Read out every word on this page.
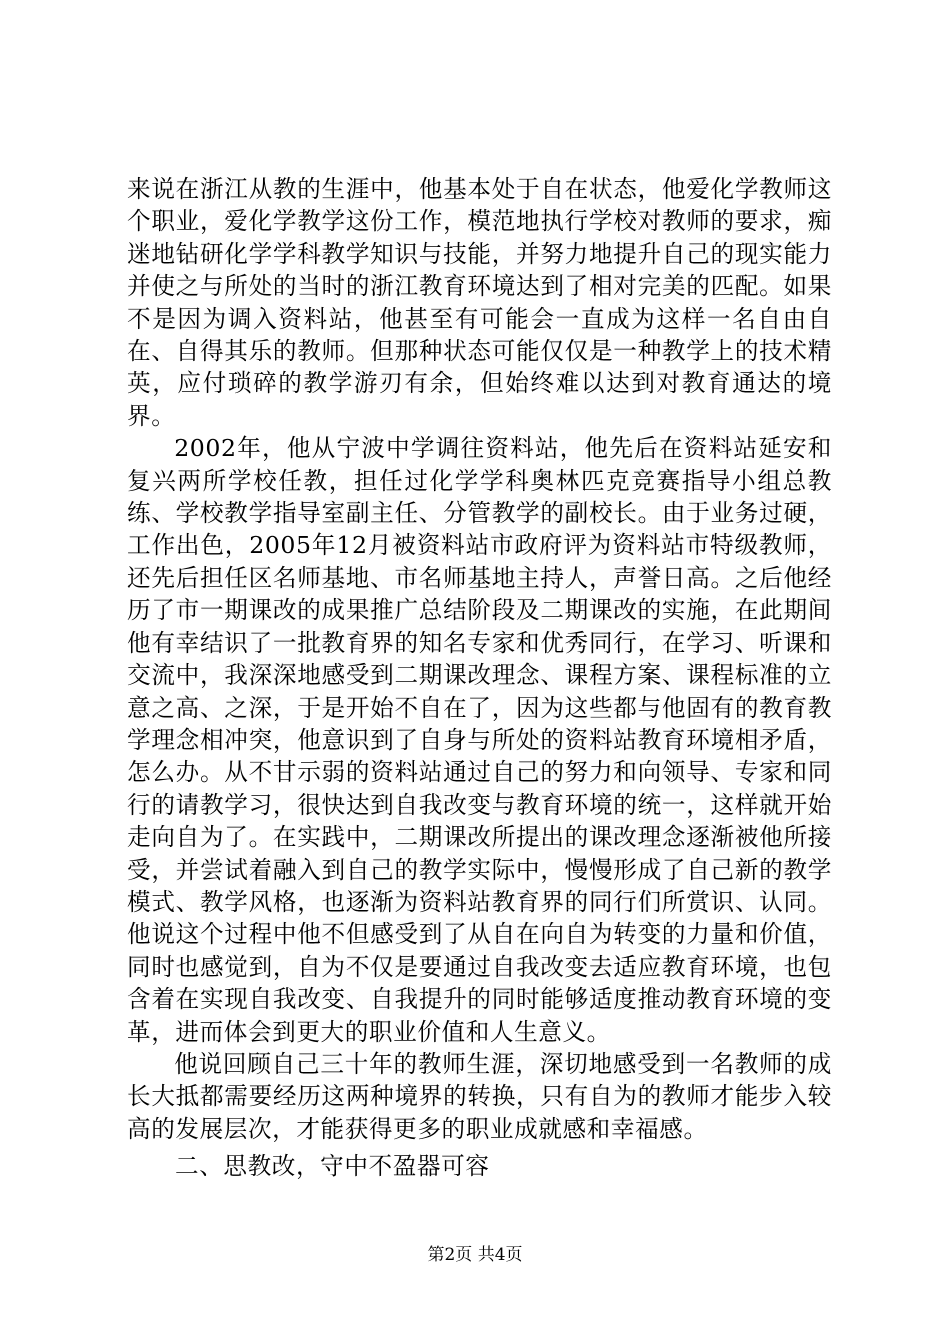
来说在浙江从教的生涯中，他基本处于自在状态，他爱化学教师这个职业，爱化学教学这份工作，模范地执行学校对教师的要求，痴迷地钻研化学学科教学知识与技能，并努力地提升自己的现实能力并使之与所处的当时的浙江教育环境达到了相对完美的匹配。如果不是因为调入资料站，他甚至有可能会一直成为这样一名自由自在、自得其乐的教师。但那种状态可能仅仅是一种教学上的技术精英，应付琐碎的教学游刃有余，但始终难以达到对教育通达的境界。

2002年，他从宁波中学调往资料站，他先后在资料站延安和复兴两所学校任教，担任过化学学科奥林匹克竞赛指导小组总教练、学校教学指导室副主任、分管教学的副校长。由于业务过硬，工作出色，2005年12月被资料站市政府评为资料站市特级教师，还先后担任区名师基地、市名师基地主持人，声誉日高。之后他经历了市一期课改的成果推广总结阶段及二期课改的实施，在此期间他有幸结识了一批教育界的知名专家和优秀同行，在学习、听课和交流中，我深深地感受到二期课改理念、课程方案、课程标准的立意之高、之深，于是开始不自在了，因为这些都与他固有的教育教学理念相冲突，他意识到了自身与所处的资料站教育环境相矛盾，怎么办。从不甘示弱的资料站通过自己的努力和向领导、专家和同行的请教学习，很快达到自我改变与教育环境的统一，这样就开始走向自为了。在实践中，二期课改所提出的课改理念逐渐被他所接受，并尝试着融入到自己的教学实际中，慢慢形成了自己新的教学模式、教学风格，也逐渐为资料站教育界的同行们所赏识、认同。他说这个过程中他不但感受到了从自在向自为转变的力量和价值，同时也感觉到，自为不仅是要通过自我改变去适应教育环境，也包含着在实现自我改变、自我提升的同时能够适度推动教育环境的变革，进而体会到更大的职业价值和人生意义。

他说回顾自己三十年的教师生涯，深切地感受到一名教师的成长大抵都需要经历这两种境界的转换，只有自为的教师才能步入较高的发展层次，才能获得更多的职业成就感和幸福感。

二、思教改，守中不盈器可容

第2页 共4页
